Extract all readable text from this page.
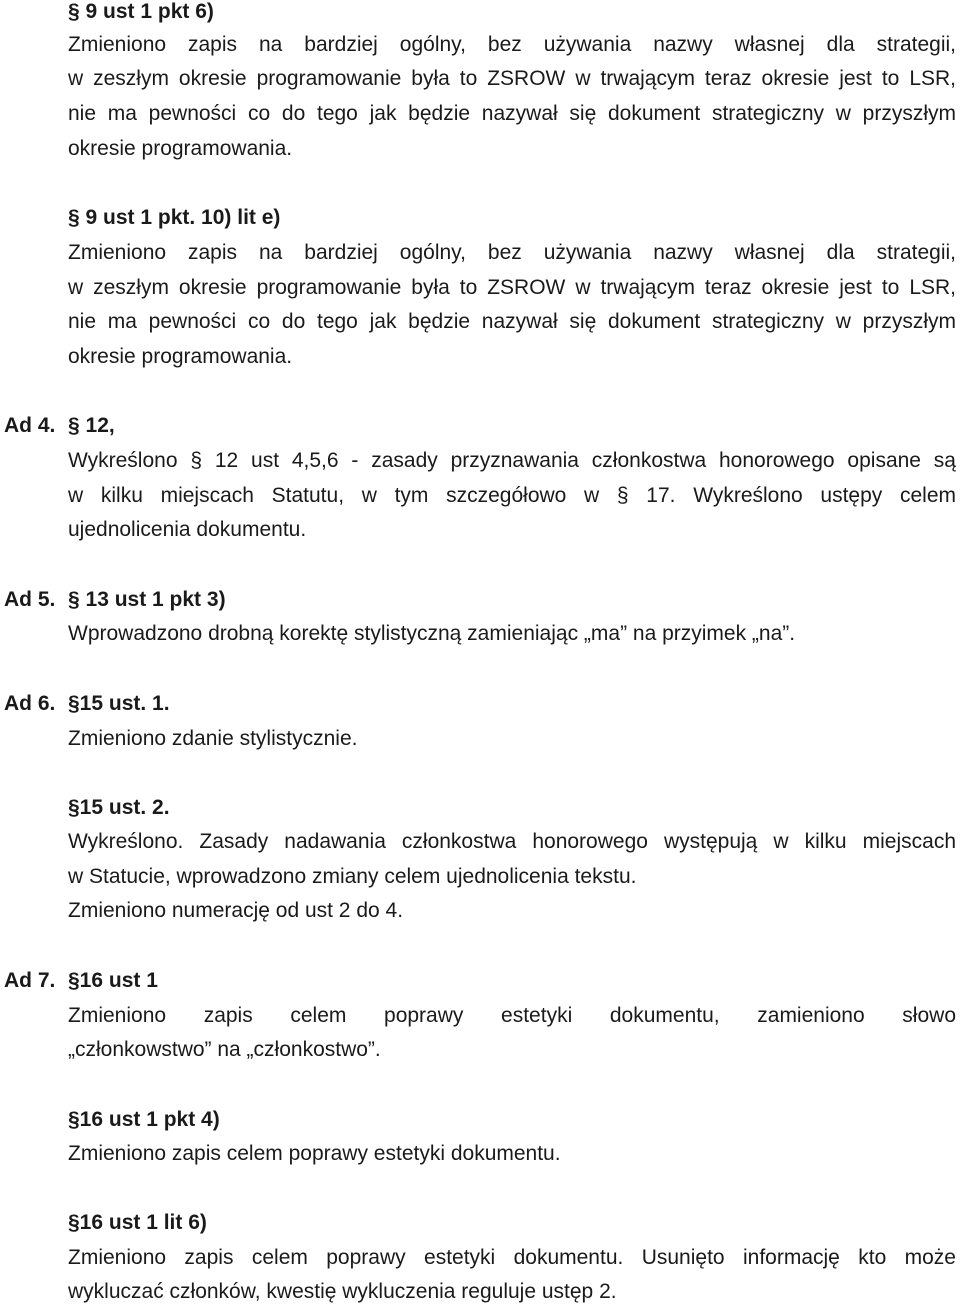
§ 9 ust 1 pkt 6)
Zmieniono zapis na bardziej ogólny, bez używania nazwy własnej dla strategii,
w zeszłym okresie programowanie była to ZSROW w trwającym teraz okresie jest to LSR,
nie ma pewności co do tego jak będzie nazywał się dokument strategiczny w przyszłym
okresie programowania.
§ 9 ust 1 pkt. 10) lit e)
Zmieniono zapis na bardziej ogólny, bez używania nazwy własnej dla strategii,
w zeszłym okresie programowanie była to ZSROW w trwającym teraz okresie jest to LSR,
nie ma pewności co do tego jak będzie nazywał się dokument strategiczny w przyszłym
okresie programowania.
Ad 4. § 12,
Wykreślono § 12 ust 4,5,6 - zasady przyznawania członkostwa honorowego opisane są
w kilku miejscach Statutu, w tym szczegółowo w § 17. Wykreślono ustępy celem
ujednolicenia dokumentu.
Ad 5. § 13 ust 1 pkt 3)
Wprowadzono drobną korektę stylistyczną zamieniając „ma” na przyimek „na”.
Ad 6. §15 ust. 1.
Zmieniono zdanie stylistycznie.
§15 ust. 2.
Wykreślono. Zasady nadawania członkostwa honorowego występują w kilku miejscach
w Statucie, wprowadzono zmiany celem ujednolicenia tekstu.
Zmieniono numerację od ust 2 do 4.
Ad 7. §16 ust 1
Zmieniono zapis celem poprawy estetyki dokumentu, zamieniono słowo
„członkowstwo” na „członkostwo”.
§16 ust 1 pkt 4)
Zmieniono zapis celem poprawy estetyki dokumentu.
§16 ust 1 lit 6)
Zmieniono zapis celem poprawy estetyki dokumentu. Usunięto informację kto może
wykluczać członków, kwestię wykluczenia reguluje ustęp 2.
